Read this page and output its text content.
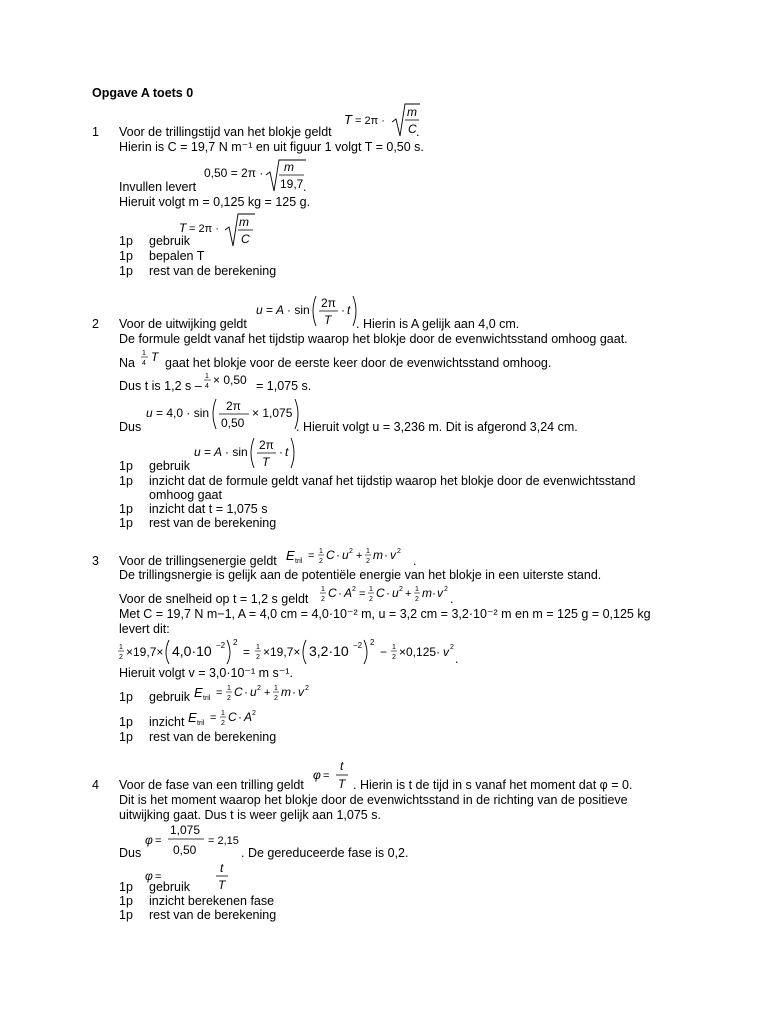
Opgave A toets 0
1 Voor de trillingstijd van het blokje geldt
T = 2π ·
m
C .
Hierin is C = 19,7 N m⁻¹ en uit figuur 1 volgt T = 0,50 s.
0,50 = 2π · m
19,7
Invullen levert	.
Hieruit volgt m = 0,125 kg = 125 g.
T = 2π · m
C
1p gebruik
1p bepalen T
1p rest van de berekening
2 Voor de uitwijking geldt
u = A · sin 2π
T
· t
. Hierin is A gelijk aan 4,0 cm.
De formule geldt vanaf het tijdstip waarop het blokje door de evenwichtsstand omhoog gaat.
Na
1
4 T gaat het blokje voor de eerste keer door de evenwichtsstand omhoog.
Dus t is 1,2 s –
1
4 × 0,50 = 1,075 s.
u = 4,0 · sin 2π
0,50
× 1,075
Dus	. Hieruit volgt u = 3,236 m. Dit is afgerond 3,24 cm.
u = A · sin 2π
T
· t
1p gebruik
1p inzicht dat de formule geldt vanaf het tijdstip waarop het blokje door de evenwichtsstand
omhoog gaat
1p inzicht dat t = 1,075 s
1p rest van de berekening
3 Voor de trillingsenergie geldt E tril = 1
2 C · u 2 + 1
2 m · v 2
.
De trillingsnergie is gelijk aan de potentiële energie van het blokje in een uiterste stand.
Voor de snelheid op t = 1,2 s geldt
1
2 C · A 2 = 1
2 C · u 2 + 1
2 m · v 2
.
Met C = 19,7 N m−1, A = 4,0 cm = 4,0·10⁻² m, u = 3,2 cm = 3,2·10⁻² m en m = 125 g = 0,125 kg
levert dit:
1
2 ×19,7× 4,0·10 −2 2
= 1
2 ×19,7× 3,2·10 −2 2
− 1
2 ×0,125· v 2
.
Hieruit volgt v = 3,0·10⁻¹ m s⁻¹.
1p gebruik E tril = 1
2 C · u 2 + 1
2 m · v 2
1p inzicht E tril = 1
2 C · A 2
1p rest van de berekening
4 Voor de fase van een trilling geldt
φ =
t
T . Hierin is t de tijd in s vanaf het moment dat φ = 0.
Dit is het moment waarop het blokje door de evenwichtsstand in de richting van de positieve
uitwijking gaat. Dus t is weer gelijk aan 1,075 s.
φ =
1,075
0,50
= 2,15
Dus	. De gereduceerde fase is 0,2.
φ =
t
T
1p gebruik
1p inzicht berekenen fase
1p rest van de berekening
